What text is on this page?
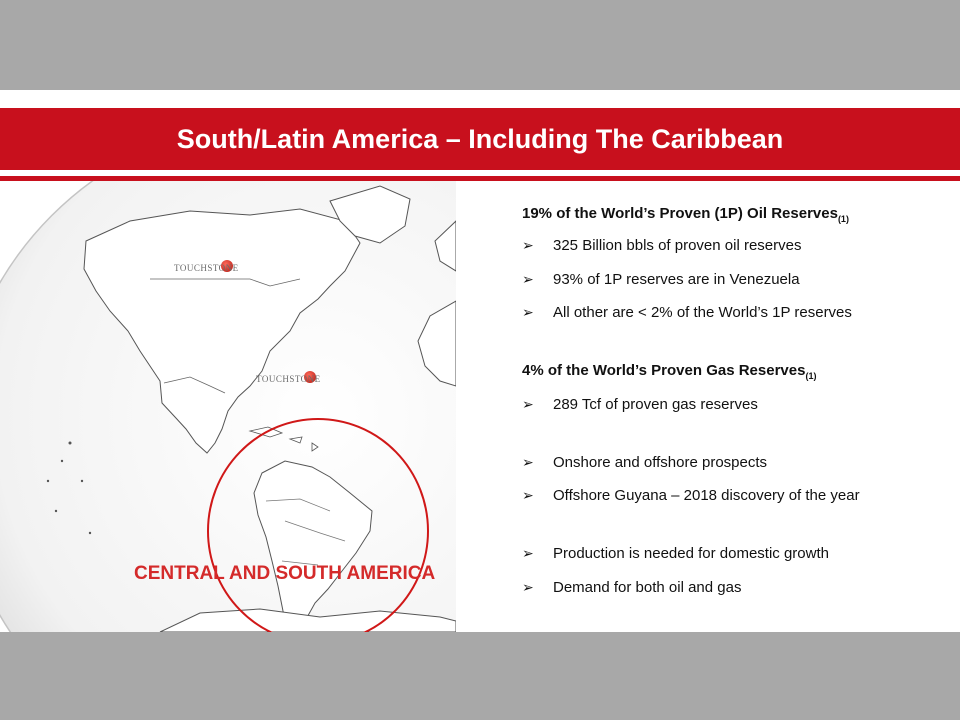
South/Latin America – Including The Caribbean
TOUCHSTONE
TOUCHSTONE
CENTRAL AND SOUTH AMERICA
19% of the World’s Proven (1P) Oil Reserves$_{(1)}$
➢	325 Billion bbls of proven oil reserves
➢	93% of 1P reserves are in Venezuela
➢	All other are < 2% of the World’s 1P reserves
4% of the World’s Proven Gas Reserves$_{(1)}$
➢	289 Tcf of proven gas reserves
➢	Onshore and offshore prospects
➢	Offshore Guyana – 2018 discovery of the year
➢	Production is needed for domestic growth
➢	Demand for both oil and gas
